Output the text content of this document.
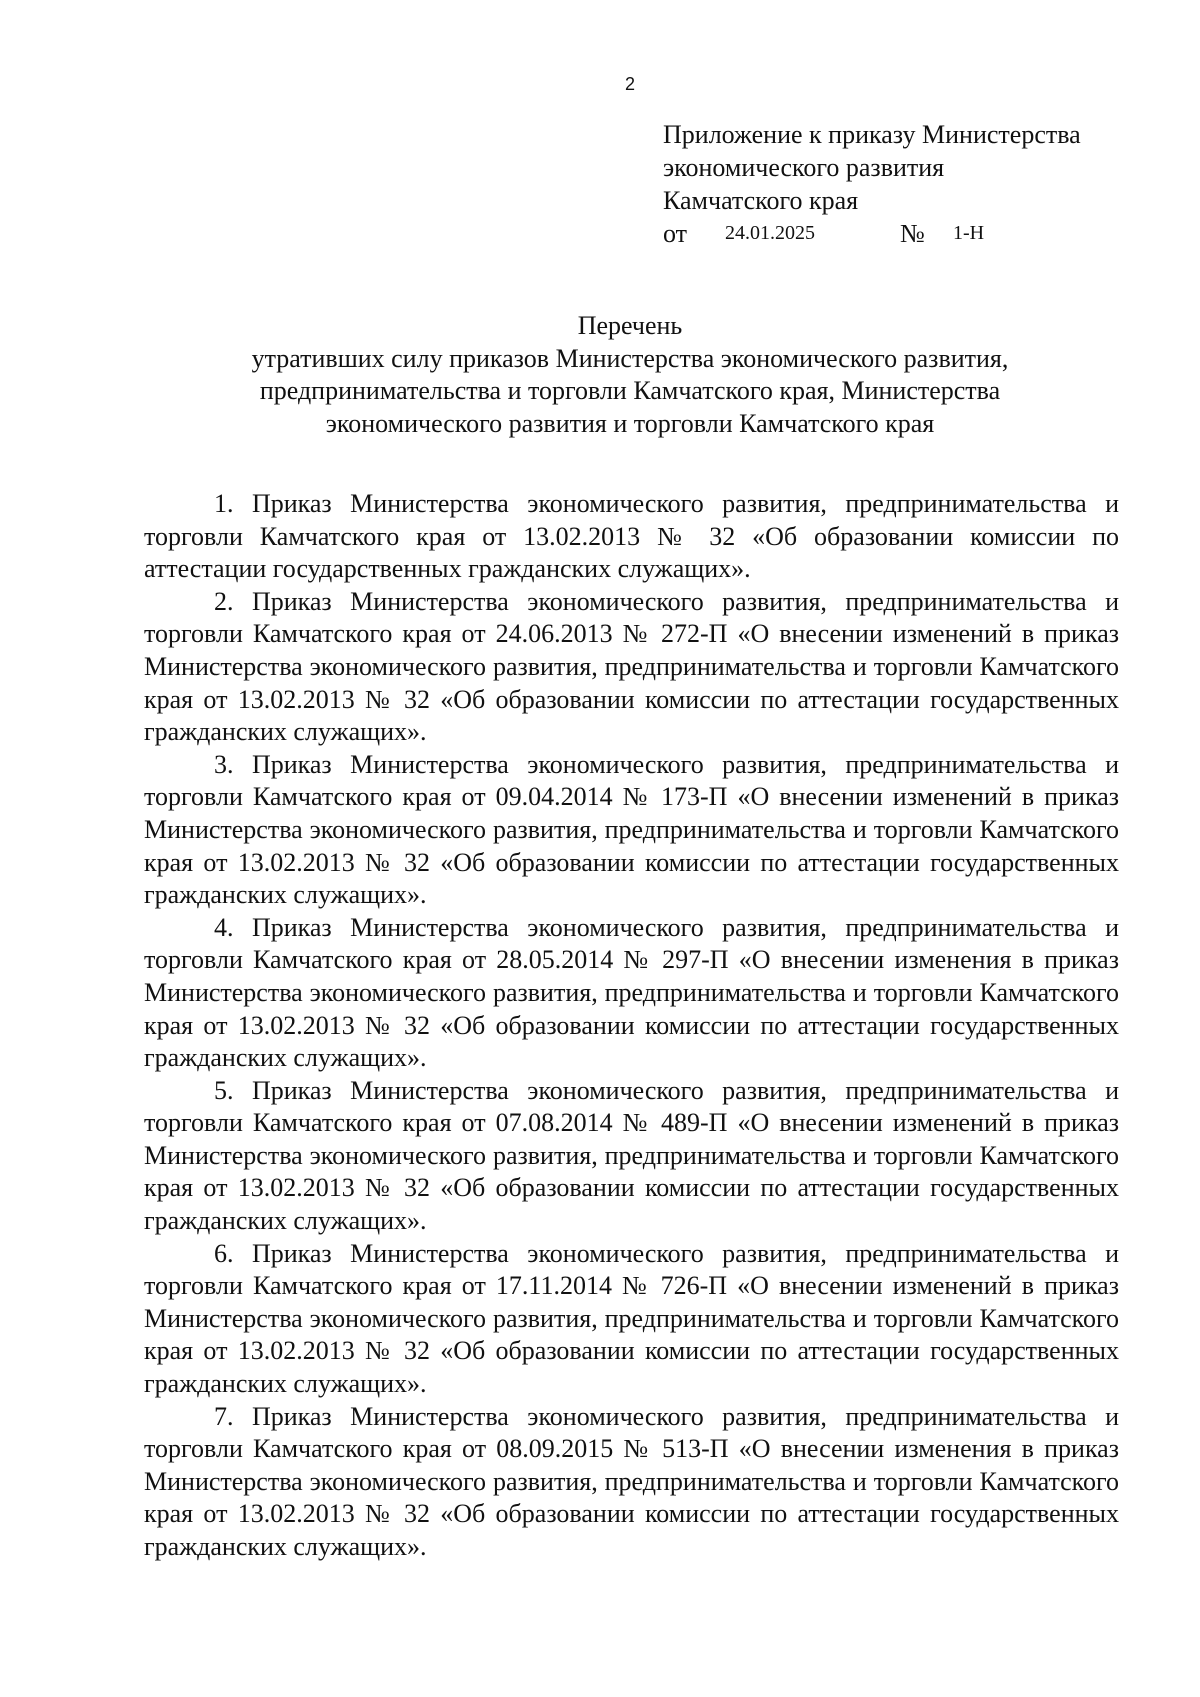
2
Приложение к приказу Министерства
экономического развития
Камчатского края
от 24.01.2025	№ 1-Н
Перечень
утративших силу приказов Министерства экономического развития,
предпринимательства и торговли Камчатского края, Министерства
экономического развития и торговли Камчатского края

1. Приказ Министерства экономического развития, предпринимательства и торговли Камчатского края от 13.02.2013 № 32 «Об образовании комиссии по аттестации государственных гражданских служащих».

2. Приказ Министерства экономического развития, предпринимательства и торговли Камчатского края от 24.06.2013 № 272-П «О внесении изменений в приказ Министерства экономического развития, предпринимательства и торговли Камчатского края от 13.02.2013 № 32 «Об образовании комиссии по аттестации государственных гражданских служащих».

3. Приказ Министерства экономического развития, предпринимательства и торговли Камчатского края от 09.04.2014 № 173-П «О внесении изменений в приказ Министерства экономического развития, предпринимательства и торговли Камчатского края от 13.02.2013 № 32 «Об образовании комиссии по аттестации государственных гражданских служащих».

4. Приказ Министерства экономического развития, предпринимательства и торговли Камчатского края от 28.05.2014 № 297-П «О внесении изменения в приказ Министерства экономического развития, предпринимательства и торговли Камчатского края от 13.02.2013 № 32 «Об образовании комиссии по аттестации государственных гражданских служащих».

5. Приказ Министерства экономического развития, предпринимательства и торговли Камчатского края от 07.08.2014 № 489-П «О внесении изменений в приказ Министерства экономического развития, предпринимательства и торговли Камчатского края от 13.02.2013 № 32 «Об образовании комиссии по аттестации государственных гражданских служащих».

6. Приказ Министерства экономического развития, предпринимательства и торговли Камчатского края от 17.11.2014 № 726-П «О внесении изменений в приказ Министерства экономического развития, предпринимательства и торговли Камчатского края от 13.02.2013 № 32 «Об образовании комиссии по аттестации государственных гражданских служащих».

7. Приказ Министерства экономического развития, предпринимательства и торговли Камчатского края от 08.09.2015 № 513-П «О внесении изменения в приказ Министерства экономического развития, предпринимательства и торговли Камчатского края от 13.02.2013 № 32 «Об образовании комиссии по аттестации государственных гражданских служащих».
